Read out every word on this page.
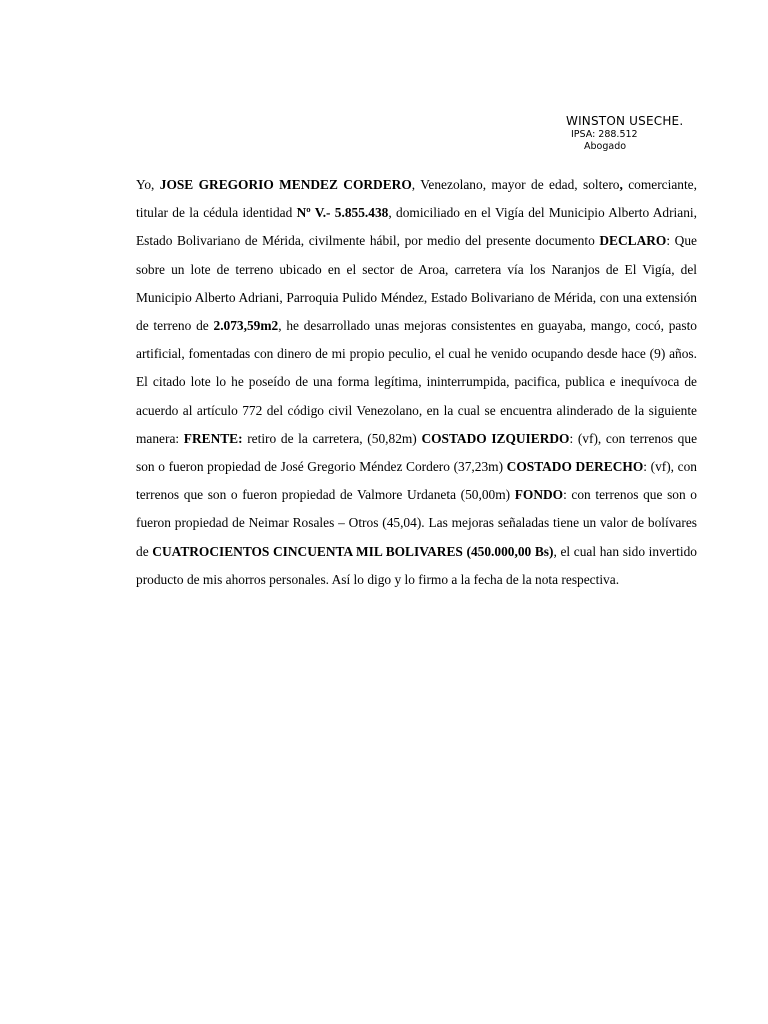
WINSTON USECHE.
IPSA: 288.512
Abogado

Yo, JOSE GREGORIO MENDEZ CORDERO, Venezolano, mayor de edad, soltero, comerciante, titular de la cédula identidad Nº V.- 5.855.438, domiciliado en el Vigía del Municipio Alberto Adriani, Estado Bolivariano de Mérida, civilmente hábil, por medio del presente documento DECLARO: Que sobre un lote de terreno ubicado en el sector de Aroa, carretera vía los Naranjos de El Vigía, del Municipio Alberto Adriani, Parroquia Pulido Méndez, Estado Bolivariano de Mérida, con una extensión de terreno de 2.073,59m2, he desarrollado unas mejoras consistentes en guayaba, mango, cocó, pasto artificial, fomentadas con dinero de mi propio peculio, el cual he venido ocupando desde hace (9) años. El citado lote lo he poseído de una forma legítima, ininterrumpida, pacifica, publica e inequívoca de acuerdo al artículo 772 del código civil Venezolano, en la cual se encuentra alinderado de la siguiente manera: FRENTE: retiro de la carretera, (50,82m) COSTADO IZQUIERDO: (vf), con terrenos que son o fueron propiedad de José Gregorio Méndez Cordero (37,23m) COSTADO DERECHO: (vf), con terrenos que son o fueron propiedad de Valmore Urdaneta (50,00m) FONDO: con terrenos que son o fueron propiedad de Neimar Rosales – Otros (45,04). Las mejoras señaladas tiene un valor de bolívares de CUATROCIENTOS CINCUENTA MIL BOLIVARES (450.000,00 Bs), el cual han sido invertido producto de mis ahorros personales. Así lo digo y lo firmo a la fecha de la nota respectiva.
